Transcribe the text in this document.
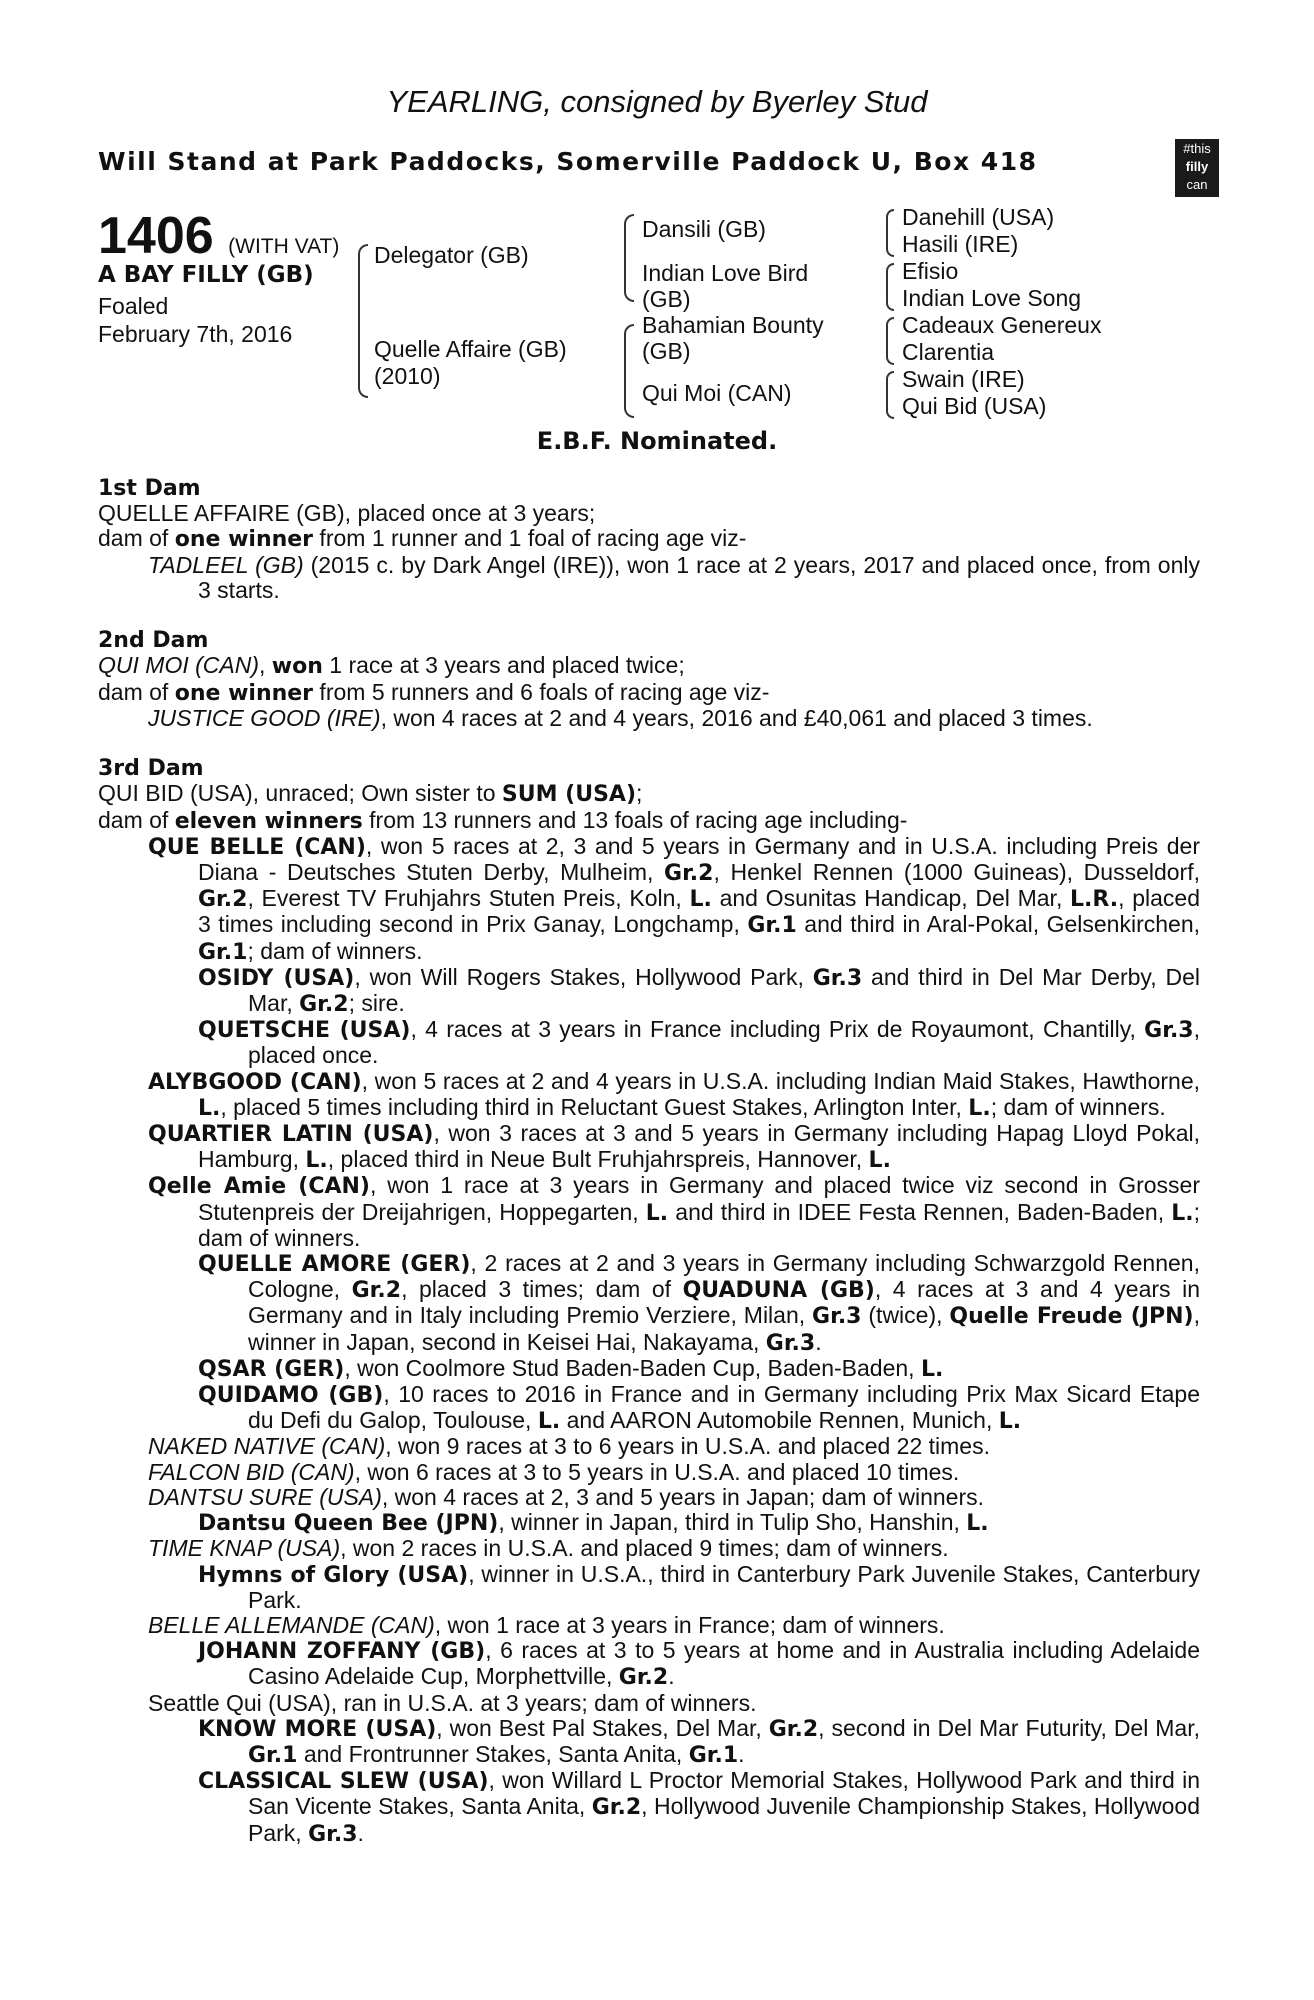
YEARLING, consigned by Byerley Stud
Will Stand at Park Paddocks, Somerville Paddock U, Box 418	#this
filly
can
1406 (WITH VAT)
A BAY FILLY (GB)
Foaled
February 7th, 2016
Delegator (GB)
Quelle Affaire (GB)
(2010)
Dansili (GB)
Indian Love Bird
(GB)
Bahamian Bounty
(GB)
Qui Moi (CAN)
Danehill (USA)
Hasili (IRE)
Efisio
Indian Love Song
Cadeaux Genereux
Clarentia
Swain (IRE)
Qui Bid (USA)
E.B.F. Nominated.
1st Dam

QUELLE AFFAIRE (GB), placed once at 3 years;

dam of one winner from 1 runner and 1 foal of racing age viz-

TADLEEL (GB) (2015 c. by Dark Angel (IRE)), won 1 race at 2 years, 2017 and placed once, from only 3 starts.

2nd Dam

QUI MOI (CAN), won 1 race at 3 years and placed twice;

dam of one winner from 5 runners and 6 foals of racing age viz-

JUSTICE GOOD (IRE), won 4 races at 2 and 4 years, 2016 and £40,061 and placed 3 times.

3rd Dam

QUI BID (USA), unraced; Own sister to SUM (USA);

dam of eleven winners from 13 runners and 13 foals of racing age including-

QUE BELLE (CAN), won 5 races at 2, 3 and 5 years in Germany and in U.S.A. including Preis der Diana - Deutsches Stuten Derby, Mulheim, Gr.2, Henkel Rennen (1000 Guineas), Dusseldorf, Gr.2, Everest TV Fruhjahrs Stuten Preis, Koln, L. and Osunitas Handicap, Del Mar, L.R., placed 3 times including second in Prix Ganay, Longchamp, Gr.1 and third in Aral-Pokal, Gelsenkirchen, Gr.1; dam of winners.

OSIDY (USA), won Will Rogers Stakes, Hollywood Park, Gr.3 and third in Del Mar Derby, Del Mar, Gr.2; sire.

QUETSCHE (USA), 4 races at 3 years in France including Prix de Royaumont, Chantilly, Gr.3, placed once.

ALYBGOOD (CAN), won 5 races at 2 and 4 years in U.S.A. including Indian Maid Stakes, Hawthorne, L., placed 5 times including third in Reluctant Guest Stakes, Arlington Inter, L.; dam of winners.

QUARTIER LATIN (USA), won 3 races at 3 and 5 years in Germany including Hapag Lloyd Pokal, Hamburg, L., placed third in Neue Bult Fruhjahrspreis, Hannover, L.

Qelle Amie (CAN), won 1 race at 3 years in Germany and placed twice viz second in Grosser Stutenpreis der Dreijahrigen, Hoppegarten, L. and third in IDEE Festa Rennen, Baden-Baden, L.; dam of winners.

QUELLE AMORE (GER), 2 races at 2 and 3 years in Germany including Schwarzgold Rennen, Cologne, Gr.2, placed 3 times; dam of QUADUNA (GB), 4 races at 3 and 4 years in Germany and in Italy including Premio Verziere, Milan, Gr.3 (twice), Quelle Freude (JPN), winner in Japan, second in Keisei Hai, Nakayama, Gr.3.

QSAR (GER), won Coolmore Stud Baden-Baden Cup, Baden-Baden, L.

QUIDAMO (GB), 10 races to 2016 in France and in Germany including Prix Max Sicard Etape du Defi du Galop, Toulouse, L. and AARON Automobile Rennen, Munich, L.

NAKED NATIVE (CAN), won 9 races at 3 to 6 years in U.S.A. and placed 22 times.

FALCON BID (CAN), won 6 races at 3 to 5 years in U.S.A. and placed 10 times.

DANTSU SURE (USA), won 4 races at 2, 3 and 5 years in Japan; dam of winners.

Dantsu Queen Bee (JPN), winner in Japan, third in Tulip Sho, Hanshin, L.

TIME KNAP (USA), won 2 races in U.S.A. and placed 9 times; dam of winners.

Hymns of Glory (USA), winner in U.S.A., third in Canterbury Park Juvenile Stakes, Canterbury Park.

BELLE ALLEMANDE (CAN), won 1 race at 3 years in France; dam of winners.

JOHANN ZOFFANY (GB), 6 races at 3 to 5 years at home and in Australia including Adelaide Casino Adelaide Cup, Morphettville, Gr.2.

Seattle Qui (USA), ran in U.S.A. at 3 years; dam of winners.

KNOW MORE (USA), won Best Pal Stakes, Del Mar, Gr.2, second in Del Mar Futurity, Del Mar, Gr.1 and Frontrunner Stakes, Santa Anita, Gr.1.

CLASSICAL SLEW (USA), won Willard L Proctor Memorial Stakes, Hollywood Park and third in San Vicente Stakes, Santa Anita, Gr.2, Hollywood Juvenile Championship Stakes, Hollywood Park, Gr.3.
